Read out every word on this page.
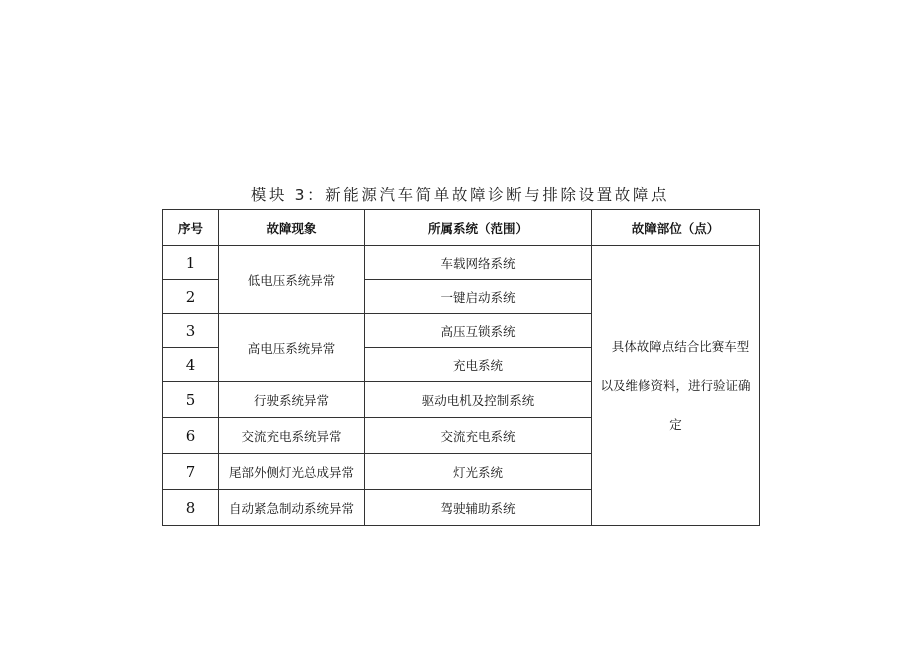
模块 3：新能源汽车简单故障诊断与排除设置故障点
序号	故障现象	所属系统（范围）	故障部位（点）
1	低电压系统异常	车载网络系统	具体故障点结合比赛车型
以及维修资料，进行验证确
定

2		一键启动系统	
3	高电压系统异常	高压互锁系统	
4		充电系统	
5	行驶系统异常	驱动电机及控制系统	
6	交流充电系统异常	交流充电系统	
7	尾部外侧灯光总成异常	灯光系统	
8	自动紧急制动系统异常	驾驶辅助系统	
